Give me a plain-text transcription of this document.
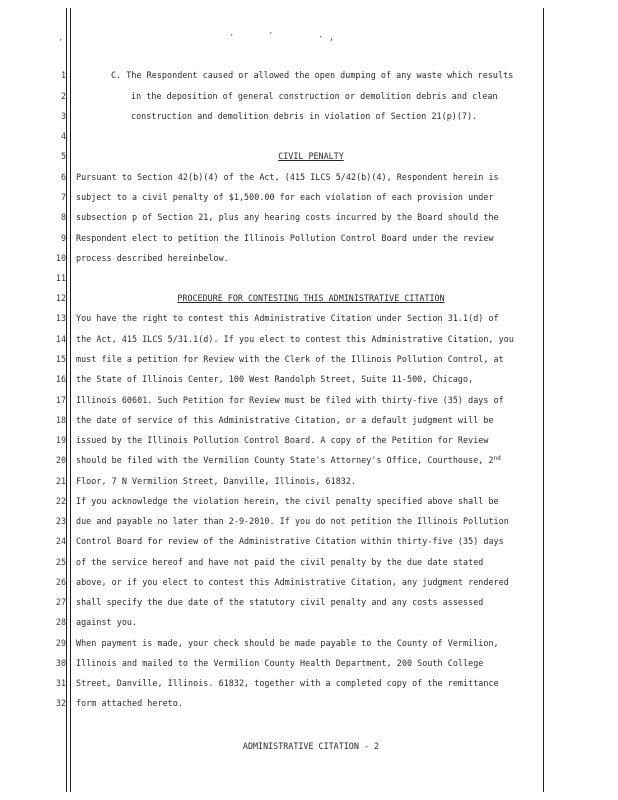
·	·	·	· ,
1
2
3
4
5
6
7
8
9
10
11
12
13
14
15
16
17
18
19
20
21
22
23
24
25
26
27
28
29
30
31
32
C. The Respondent caused or allowed the open dumping of any waste which results
in the deposition of general construction or demolition debris and clean
construction and demolition debris in violation of Section 21(p)(7).
CIVIL PENALTY
Pursuant to Section 42(b)(4) of the Act, (415 ILCS 5/42(b)(4), Respondent herein is
subject to a civil penalty of $1,500.00 for each violation of each provision under
subsection p of Section 21, plus any hearing costs incurred by the Board should the
Respondent elect to petition the Illinois Pollution Control Board under the review
process described hereinbelow.
PROCEDURE FOR CONTESTING THIS ADMINISTRATIVE CITATION
You have the right to contest this Administrative Citation under Section 31.1(d) of
the Act, 415 ILCS 5/31.1(d). If you elect to contest this Administrative Citation, you
must file a petition for Review with the Clerk of the Illinois Pollution Control, at
the State of Illinois Center, 100 West Randolph Street, Suite 11-500, Chicago,
Illinois 60601. Such Petition for Review must be filed with thirty-five (35) days of
the date of service of this Administrative Citation, or a default judgment will be
issued by the Illinois Pollution Control Board. A copy of the Petition for Review
should be filed with the Vermilion County State's Attorney's Office, Courthouse, 2nd
Floor, 7 N Vermilion Street, Danville, Illinois, 61832.
If you acknowledge the violation herein, the civil penalty specified above shall be
due and payable no later than 2-9-2010. If you do not petition the Illinois Pollution
Control Board for review of the Administrative Citation within thirty-five (35) days
of the service hereof and have not paid the civil penalty by the due date stated
above, or if you elect to contest this Administrative Citation, any judgment rendered
shall specify the due date of the statutory civil penalty and any costs assessed
against you.
When payment is made, your check should be made payable to the County of Vermilion,
Illinois and mailed to the Vermilion County Health Department, 200 South College
Street, Danville, Illinois. 61832, together with a completed copy of the remittance
form attached hereto.
ADMINISTRATIVE CITATION - 2
